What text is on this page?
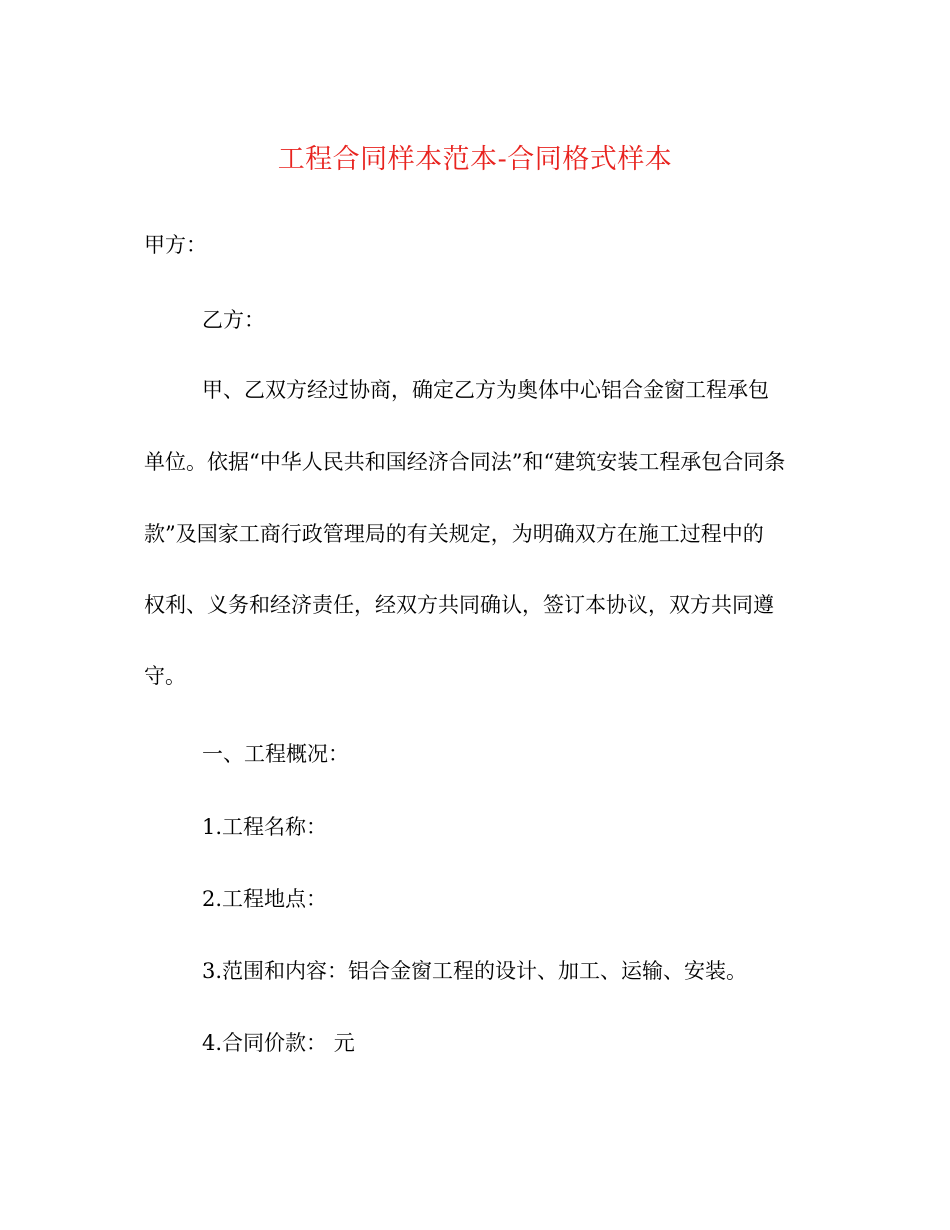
工程合同样本范本-合同格式样本
甲方：
乙方：
甲、乙双方经过协商，确定乙方为奥体中心铝合金窗工程承包
单位。依据“中华人民共和国经济合同法”和“建筑安装工程承包合同条
款”及国家工商行政管理局的有关规定，为明确双方在施工过程中的
权利、义务和经济责任，经双方共同确认，签订本协议，双方共同遵
守。
一、工程概况：
1.工程名称：
2.工程地点：
3.范围和内容：铝合金窗工程的设计、加工、运输、安装。
4.合同价款： 元
